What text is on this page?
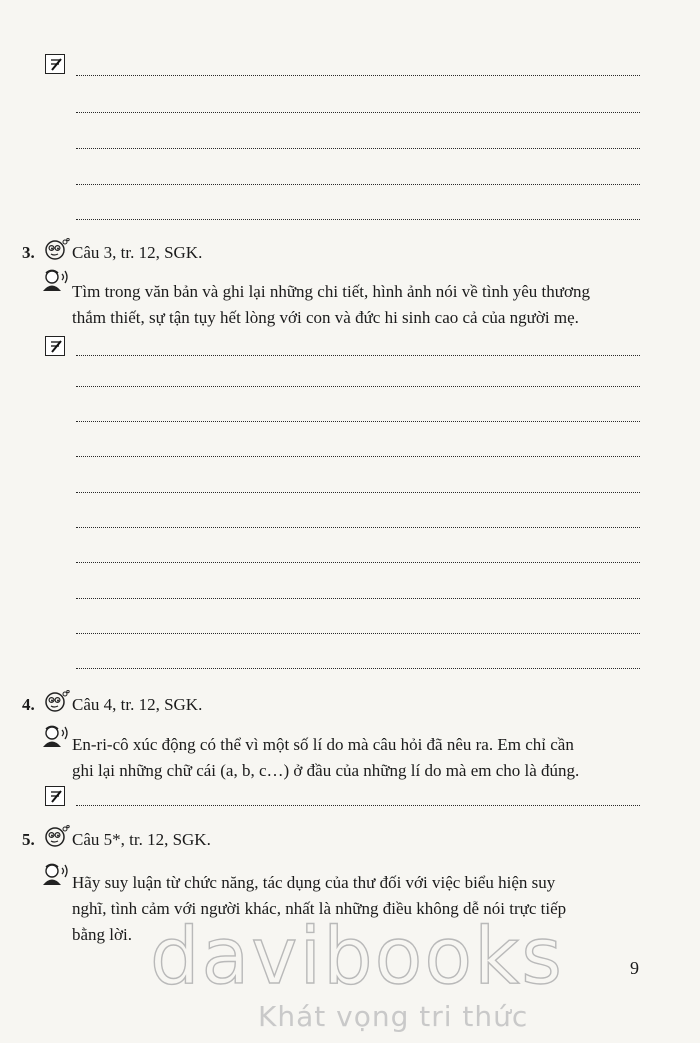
3. Câu 3, tr. 12, SGK.
Tìm trong văn bản và ghi lại những chi tiết, hình ảnh nói về tình yêu thương
thắm thiết, sự tận tụy hết lòng với con và đức hi sinh cao cả của người mẹ.
4. Câu 4, tr. 12, SGK.
En-ri-cô xúc động có thể vì một số lí do mà câu hỏi đã nêu ra. Em chỉ cần
ghi lại những chữ cái (a, b, c…) ở đầu của những lí do mà em cho là đúng.
5. Câu 5*, tr. 12, SGK.
Hãy suy luận từ chức năng, tác dụng của thư đối với việc biểu hiện suy
nghĩ, tình cảm với người khác, nhất là những điều không dễ nói trực tiếp
bằng lời.
9
davibooks
Khát vọng tri thức
